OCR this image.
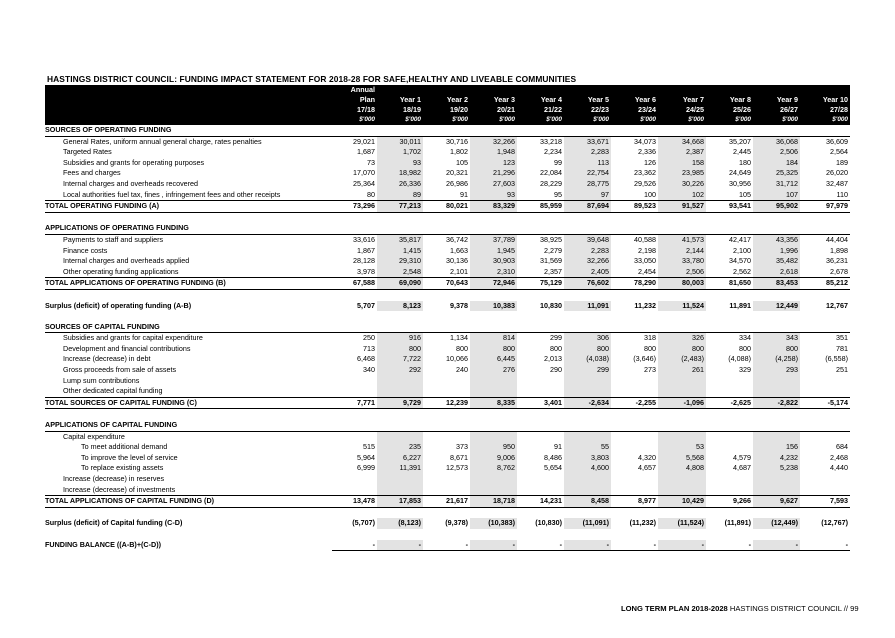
HASTINGS DISTRICT COUNCIL: FUNDING IMPACT STATEMENT FOR 2018-28 FOR SAFE,HEALTHY AND LIVEABLE COMMUNITIES
	Annual										
	Plan	Year 1	Year 2	Year 3	Year 4	Year 5	Year 6	Year 7	Year 8	Year 9	Year 10
	17/18	18/19	19/20	20/21	21/22	22/23	23/24	24/25	25/26	26/27	27/28
	$'000	$'000	$'000	$'000	$'000	$'000	$'000	$'000	$'000	$'000	$'000
SOURCES OF OPERATING FUNDING											
General Rates, uniform annual general charge, rates penalties	29,021	30,011	30,716	32,266	33,218	33,671	34,073	34,668	35,207	36,068	36,609
Targeted Rates	1,687	1,702	1,802	1,948	2,234	2,283	2,336	2,387	2,445	2,506	2,564
Subsidies and grants for operating purposes	73	93	105	123	99	113	126	158	180	184	189
Fees and charges	17,070	18,982	20,321	21,296	22,084	22,754	23,362	23,985	24,649	25,325	26,020
Internal charges and overheads recovered	25,364	26,336	26,986	27,603	28,229	28,775	29,526	30,226	30,956	31,712	32,487
Local authorities fuel tax, fines , infringement fees and other receipts	80	89	91	93	95	97	100	102	105	107	110
TOTAL OPERATING FUNDING (A)	73,296	77,213	80,021	83,329	85,959	87,694	89,523	91,527	93,541	95,902	97,979

APPLICATIONS OF OPERATING FUNDING											
Payments to staff and suppliers	33,616	35,817	36,742	37,789	38,925	39,648	40,588	41,573	42,417	43,356	44,404
Finance costs	1,867	1,415	1,663	1,945	2,279	2,283	2,198	2,144	2,100	1,996	1,898
Internal charges and overheads applied	28,128	29,310	30,136	30,903	31,569	32,266	33,050	33,780	34,570	35,482	36,231
Other operating funding applications	3,978	2,548	2,101	2,310	2,357	2,405	2,454	2,506	2,562	2,618	2,678
TOTAL APPLICATIONS OF OPERATING FUNDING (B)	67,588	69,090	70,643	72,946	75,129	76,602	78,290	80,003	81,650	83,453	85,212

Surplus (deficit) of operating funding (A-B)	5,707	8,123	9,378	10,383	10,830	11,091	11,232	11,524	11,891	12,449	12,767

SOURCES OF CAPITAL FUNDING											
Subsidies and grants for capital expenditure	250	916	1,134	814	299	306	318	326	334	343	351
Development and financial contributions	713	800	800	800	800	800	800	800	800	800	781
Increase (decrease) in debt	6,468	7,722	10,066	6,445	2,013	(4,038)	(3,646)	(2,483)	(4,088)	(4,258)	(6,558)
Gross proceeds from sale of assets	340	292	240	276	290	299	273	261	329	293	251
Lump sum contributions											
Other dedicated capital funding											
TOTAL SOURCES OF CAPITAL FUNDING (C)	7,771	9,729	12,239	8,335	3,401	-2,634	-2,255	-1,096	-2,625	-2,822	-5,174

APPLICATIONS OF CAPITAL FUNDING											
Capital expenditure											
To meet additional demand	515	235	373	950	91	55		53		156	684
To improve the level of service	5,964	6,227	8,671	9,006	8,486	3,803	4,320	5,568	4,579	4,232	2,468
To replace existing assets	6,999	11,391	12,573	8,762	5,654	4,600	4,657	4,808	4,687	5,238	4,440
Increase (decrease) in reserves											
Increase (decrease) of investments											
TOTAL APPLICATIONS OF CAPITAL FUNDING (D)	13,478	17,853	21,617	18,718	14,231	8,458	8,977	10,429	9,266	9,627	7,593

Surplus (deficit) of Capital funding (C-D)	(5,707)	(8,123)	(9,378)	(10,383)	(10,830)	(11,091)	(11,232)	(11,524)	(11,891)	(12,449)	(12,767)

FUNDING BALANCE ((A-B)+(C-D))	-	-	-	-	-	-	-	-	-	-	-
LONG TERM PLAN 2018-2028 HASTINGS DISTRICT COUNCIL // 99
